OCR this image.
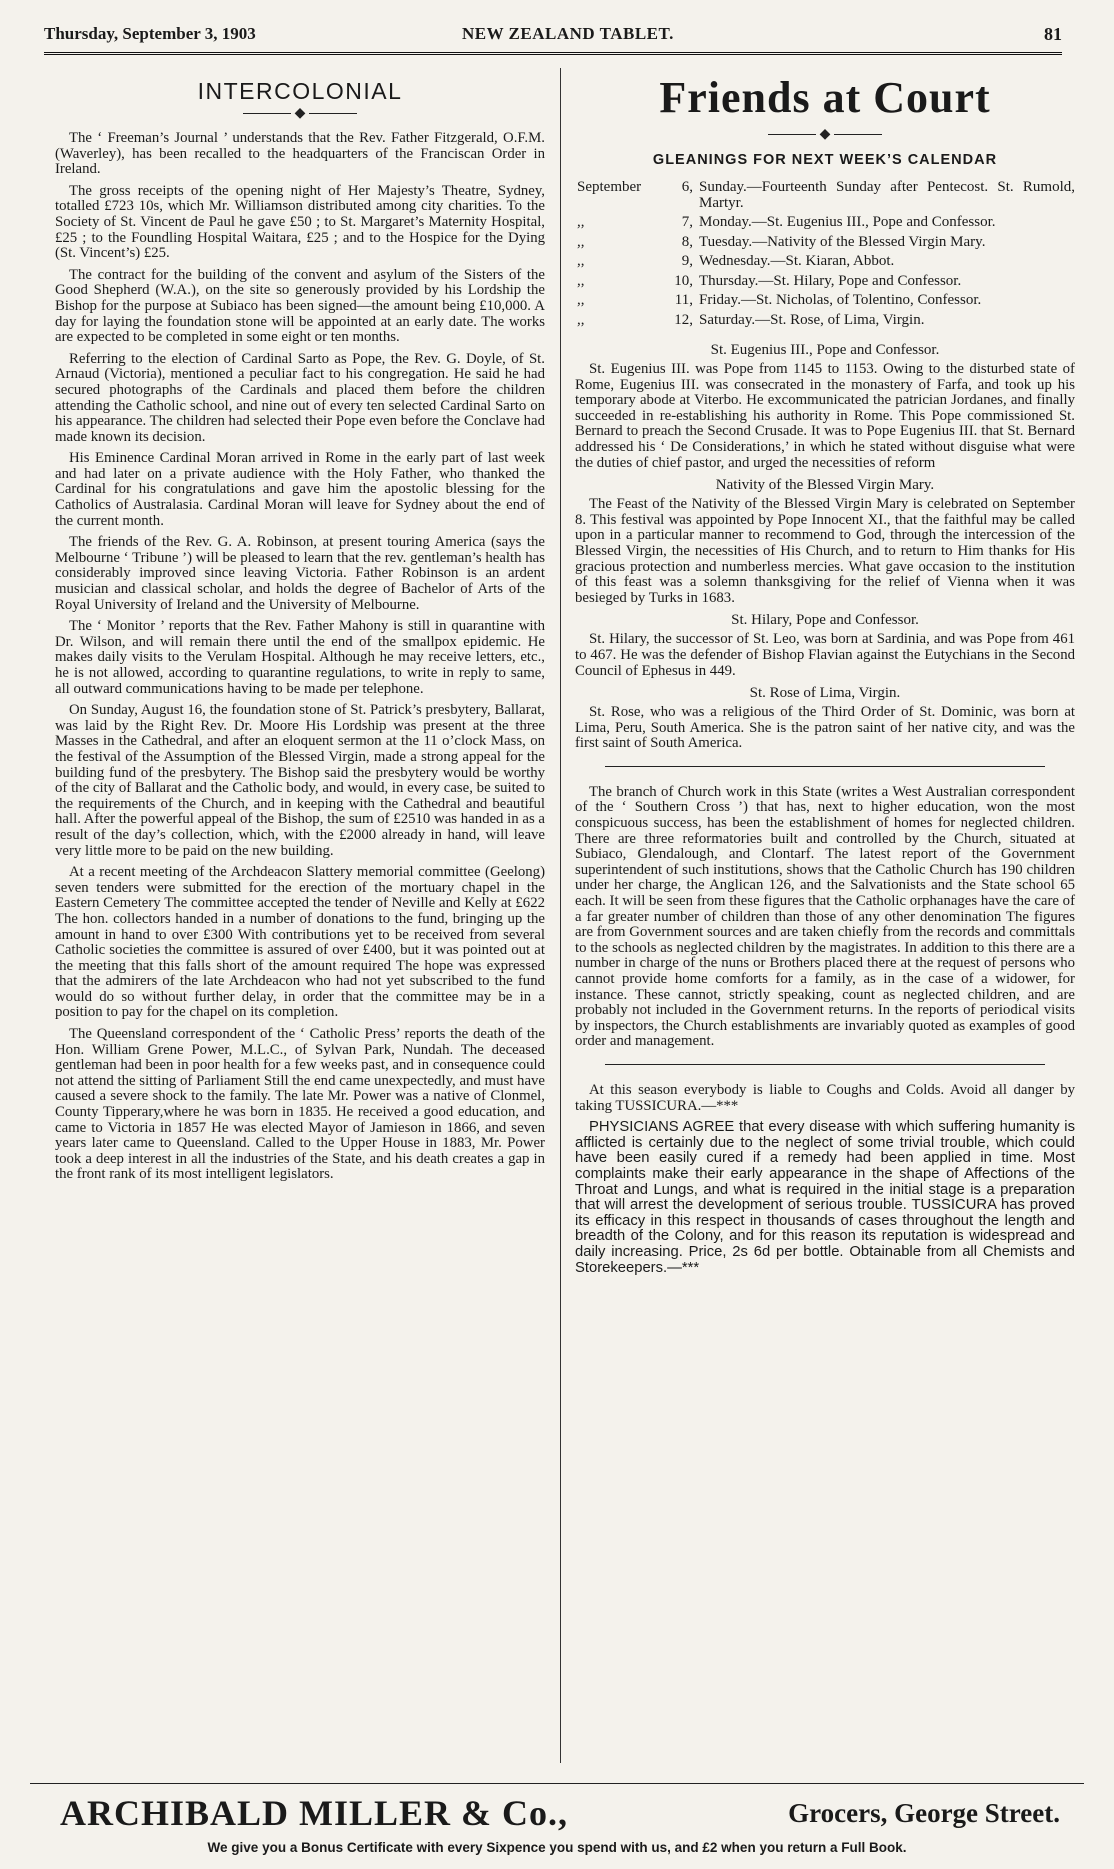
Thursday, September 3, 1903	NEW ZEALAND TABLET.	81
INTERCOLONIAL
◆

The ‘ Freeman’s Journal ’ understands that the Rev. Father Fitzgerald, O.F.M. (Waverley), has been recalled to the headquarters of the Franciscan Order in Ireland.

The gross receipts of the opening night of Her Majesty’s Theatre, Sydney, totalled £723 10s, which Mr. Williamson distributed among city charities. To the Society of St. Vincent de Paul he gave £50 ; to St. Margaret’s Maternity Hospital, £25 ; to the Foundling Hospital Waitara, £25 ; and to the Hospice for the Dying (St. Vincent’s) £25.

The contract for the building of the convent and asylum of the Sisters of the Good Shepherd (W.A.), on the site so generously provided by his Lordship the Bishop for the purpose at Subiaco has been signed—the amount being £10,000. A day for laying the foundation stone will be appointed at an early date. The works are expected to be completed in some eight or ten months.

Referring to the election of Cardinal Sarto as Pope, the Rev. G. Doyle, of St. Arnaud (Victoria), mentioned a peculiar fact to his congregation. He said he had secured photographs of the Cardinals and placed them before the children attending the Catholic school, and nine out of every ten selected Cardinal Sarto on his appearance. The children had selected their Pope even before the Conclave had made known its decision.

His Eminence Cardinal Moran arrived in Rome in the early part of last week and had later on a private audience with the Holy Father, who thanked the Cardinal for his congratulations and gave him the apostolic blessing for the Catholics of Australasia. Cardinal Moran will leave for Sydney about the end of the current month.

The friends of the Rev. G. A. Robinson, at present touring America (says the Melbourne ‘ Tribune ’) will be pleased to learn that the rev. gentleman’s health has considerably improved since leaving Victoria. Father Robinson is an ardent musician and classical scholar, and holds the degree of Bachelor of Arts of the Royal University of Ireland and the University of Melbourne.

The ‘ Monitor ’ reports that the Rev. Father Mahony is still in quarantine with Dr. Wilson, and will remain there until the end of the smallpox epidemic. He makes daily visits to the Verulam Hospital. Although he may receive letters, etc., he is not allowed, according to quarantine regulations, to write in reply to same, all outward communications having to be made per telephone.

On Sunday, August 16, the foundation stone of St. Patrick’s presbytery, Ballarat, was laid by the Right Rev. Dr. Moore His Lordship was present at the three Masses in the Cathedral, and after an eloquent sermon at the 11 o’clock Mass, on the festival of the Assumption of the Blessed Virgin, made a strong appeal for the building fund of the presbytery. The Bishop said the presbytery would be worthy of the city of Ballarat and the Catholic body, and would, in every case, be suited to the requirements of the Church, and in keeping with the Cathedral and beautiful hall. After the powerful appeal of the Bishop, the sum of £2510 was handed in as a result of the day’s collection, which, with the £2000 already in hand, will leave very little more to be paid on the new building.

At a recent meeting of the Archdeacon Slattery memorial committee (Geelong) seven tenders were submitted for the erection of the mortuary chapel in the Eastern Cemetery The committee accepted the tender of Neville and Kelly at £622 The hon. collectors handed in a number of donations to the fund, bringing up the amount in hand to over £300 With contributions yet to be received from several Catholic societies the committee is assured of over £400, but it was pointed out at the meeting that this falls short of the amount required The hope was expressed that the admirers of the late Archdeacon who had not yet subscribed to the fund would do so without further delay, in order that the committee may be in a position to pay for the chapel on its completion.

The Queensland correspondent of the ‘ Catholic Press’ reports the death of the Hon. William Grene Power, M.L.C., of Sylvan Park, Nundah. The deceased gentleman had been in poor health for a few weeks past, and in consequence could not attend the sitting of Parliament Still the end came unexpectedly, and must have caused a severe shock to the family. The late Mr. Power was a native of Clonmel, County Tipperary,where he was born in 1835. He received a good education, and came to Victoria in 1857 He was elected Mayor of Jamieson in 1866, and seven years later came to Queensland. Called to the Upper House in 1883, Mr. Power took a deep interest in all the industries of the State, and his death creates a gap in the front rank of its most intelligent legislators.

Friends at Court
◆
GLEANINGS FOR NEXT WEEK’S CALENDAR
September	6,	Sunday.—Fourteenth Sunday after Pentecost. St. Rumold, Martyr.
,,	7,	Monday.—St. Eugenius III., Pope and Confessor.
,,	8,	Tuesday.—Nativity of the Blessed Virgin Mary.
,,	9,	Wednesday.—St. Kiaran, Abbot.
,,	10,	Thursday.—St. Hilary, Pope and Confessor.
,,	11,	Friday.—St. Nicholas, of Tolentino, Confessor.
,,	12,	Saturday.—St. Rose, of Lima, Virgin.
St. Eugenius III., Pope and Confessor.

St. Eugenius III. was Pope from 1145 to 1153. Owing to the disturbed state of Rome, Eugenius III. was consecrated in the monastery of Farfa, and took up his temporary abode at Viterbo. He excommunicated the patrician Jordanes, and finally succeeded in re-establishing his authority in Rome. This Pope commissioned St. Bernard to preach the Second Crusade. It was to Pope Eugenius III. that St. Bernard addressed his ‘ De Considerations,’ in which he stated without disguise what were the duties of chief pastor, and urged the necessities of reform

Nativity of the Blessed Virgin Mary.

The Feast of the Nativity of the Blessed Virgin Mary is celebrated on September 8. This festival was appointed by Pope Innocent XI., that the faithful may be called upon in a particular manner to recommend to God, through the intercession of the Blessed Virgin, the necessities of His Church, and to return to Him thanks for His gracious protection and numberless mercies. What gave occasion to the institution of this feast was a solemn thanksgiving for the relief of Vienna when it was besieged by Turks in 1683.

St. Hilary, Pope and Confessor.

St. Hilary, the successor of St. Leo, was born at Sardinia, and was Pope from 461 to 467. He was the defender of Bishop Flavian against the Eutychians in the Second Council of Ephesus in 449.

St. Rose of Lima, Virgin.

St. Rose, who was a religious of the Third Order of St. Dominic, was born at Lima, Peru, South America. She is the patron saint of her native city, and was the first saint of South America.

The branch of Church work in this State (writes a West Australian correspondent of the ‘ Southern Cross ’) that has, next to higher education, won the most conspicuous success, has been the establishment of homes for neglected children. There are three reformatories built and controlled by the Church, situated at Subiaco, Glendalough, and Clontarf. The latest report of the Government superintendent of such institutions, shows that the Catholic Church has 190 children under her charge, the Anglican 126, and the Salvationists and the State school 65 each. It will be seen from these figures that the Catholic orphanages have the care of a far greater number of children than those of any other denomination The figures are from Government sources and are taken chiefly from the records and committals to the schools as neglected children by the magistrates. In addition to this there are a number in charge of the nuns or Brothers placed there at the request of persons who cannot provide home comforts for a family, as in the case of a widower, for instance. These cannot, strictly speaking, count as neglected children, and are probably not included in the Government returns. In the reports of periodical visits by inspectors, the Church establishments are invariably quoted as examples of good order and management.

At this season everybody is liable to Coughs and Colds. Avoid all danger by taking TUSSICURA.—***

PHYSICIANS AGREE that every disease with which suffering humanity is afflicted is certainly due to the neglect of some trivial trouble, which could have been easily cured if a remedy had been applied in time. Most complaints make their early appearance in the shape of Affections of the Throat and Lungs, and what is required in the initial stage is a preparation that will arrest the development of serious trouble. TUSSICURA has proved its efficacy in this respect in thousands of cases throughout the length and breadth of the Colony, and for this reason its reputation is widespread and daily increasing. Price, 2s 6d per bottle. Obtainable from all Chemists and Storekeepers.—***

ARCHIBALD MILLER & Co.,	Grocers, George Street.
We give you a Bonus Certificate with every Sixpence you spend with us, and £2 when you return a Full Book.
